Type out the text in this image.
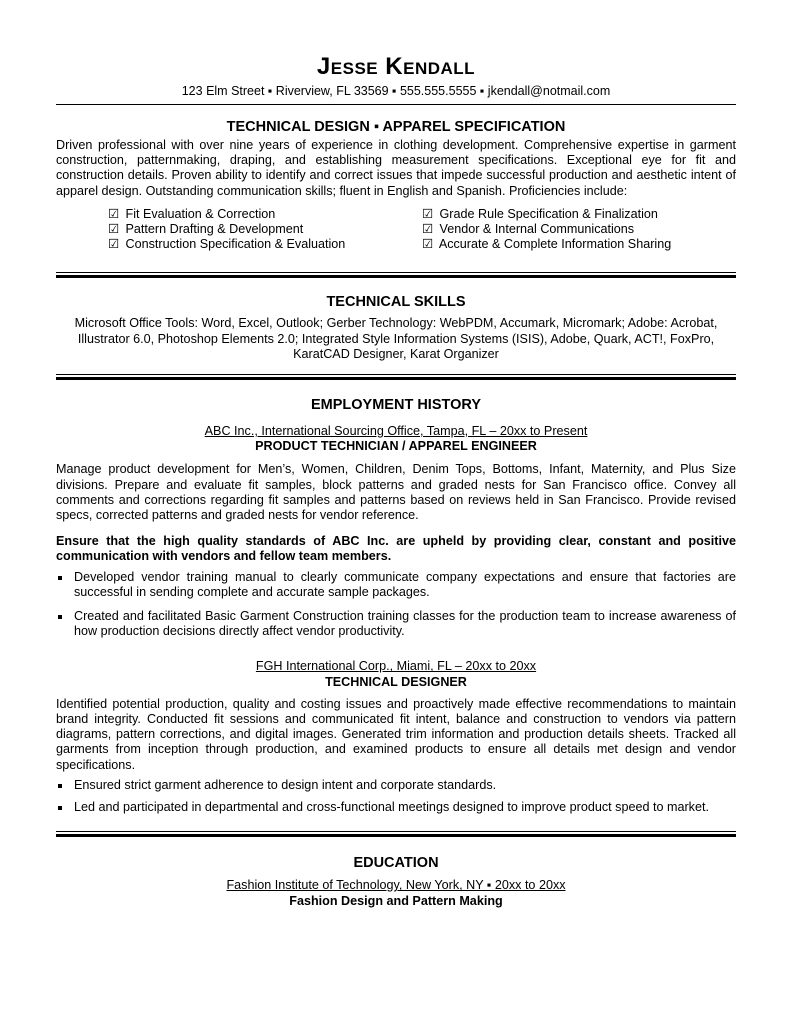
Jesse Kendall
123 Elm Street ▪ Riverview, FL 33569 ▪ 555.555.5555 ▪ jkendall@notmail.com
TECHNICAL DESIGN ▪ APPAREL SPECIFICATION

Driven professional with over nine years of experience in clothing development. Comprehensive expertise in garment construction, patternmaking, draping, and establishing measurement specifications. Exceptional eye for fit and construction details. Proven ability to identify and correct issues that impede successful production and aesthetic intent of apparel design. Outstanding communication skills; fluent in English and Spanish. Proficiencies include:

☑ Fit Evaluation & Correction
☑ Pattern Drafting & Development
☑ Construction Specification & Evaluation
☑ Grade Rule Specification & Finalization
☑ Vendor & Internal Communications
☑ Accurate & Complete Information Sharing
TECHNICAL SKILLS
Microsoft Office Tools: Word, Excel, Outlook; Gerber Technology: WebPDM, Accumark, Micromark; Adobe: Acrobat,
Illustrator 6.0, Photoshop Elements 2.0; Integrated Style Information Systems (ISIS), Adobe, Quark, ACT!, FoxPro,
KaratCAD Designer, Karat Organizer
EMPLOYMENT HISTORY
ABC Inc., International Sourcing Office, Tampa, FL – 20xx to Present
PRODUCT TECHNICIAN / APPAREL ENGINEER

Manage product development for Men’s, Women, Children, Denim Tops, Bottoms, Infant, Maternity, and Plus Size divisions. Prepare and evaluate fit samples, block patterns and graded nests for San Francisco office. Convey all comments and corrections regarding fit samples and patterns based on reviews held in San Francisco. Provide revised specs, corrected patterns and graded nests for vendor reference.

Ensure that the high quality standards of ABC Inc. are upheld by providing clear, constant and positive communication with vendors and fellow team members.

Developed vendor training manual to clearly communicate company expectations and ensure that factories are successful in sending complete and accurate sample packages.
Created and facilitated Basic Garment Construction training classes for the production team to increase awareness of how production decisions directly affect vendor productivity.
FGH International Corp., Miami, FL – 20xx to 20xx
TECHNICAL DESIGNER

Identified potential production, quality and costing issues and proactively made effective recommendations to maintain brand integrity. Conducted fit sessions and communicated fit intent, balance and construction to vendors via pattern diagrams, pattern corrections, and digital images. Generated trim information and production details sheets. Tracked all garments from inception through production, and examined products to ensure all details met design and vendor specifications.

Ensured strict garment adherence to design intent and corporate standards.
Led and participated in departmental and cross-functional meetings designed to improve product speed to market.
EDUCATION
Fashion Institute of Technology, New York, NY ▪ 20xx to 20xx
Fashion Design and Pattern Making
